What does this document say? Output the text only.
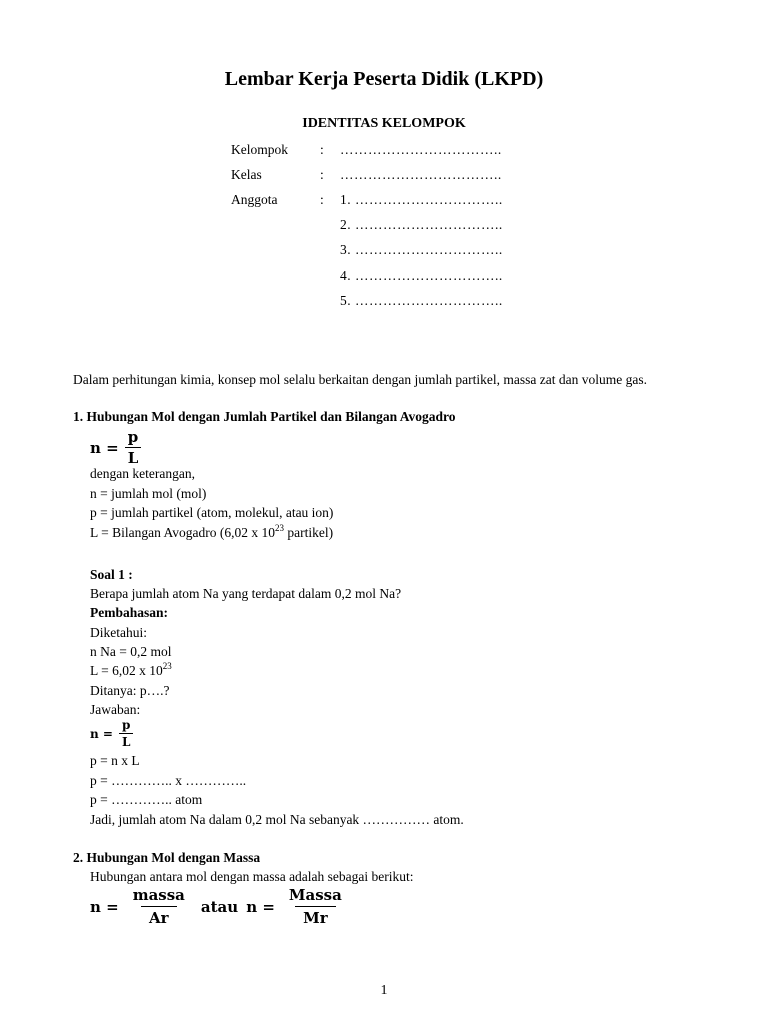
Lembar Kerja Peserta Didik (LKPD)
IDENTITAS KELOMPOK
Kelompok : ……………………………..
Kelas	: ……………………………..
Anggota	: 1. …………………………..
2. …………………………..
3. …………………………..
4. …………………………..
5. …………………………..
Dalam perhitungan kimia, konsep mol selalu berkaitan dengan jumlah partikel, massa zat dan volume gas.
1. Hubungan Mol dengan Jumlah Partikel dan Bilangan Avogadro
$n = \frac{p}{L}$
dengan keterangan,
n = jumlah mol (mol)
p = jumlah partikel (atom, molekul, atau ion)
L = Bilangan Avogadro (6,02 x $10^{23}$ partikel)
Soal 1 :
Berapa jumlah atom Na yang terdapat dalam 0,2 mol Na?
Pembahasan:
Diketahui:
n Na = 0,2 mol
L = 6,02 x $10^{23}$
Ditanya: p….?
Jawaban:
$n = \frac{p}{L}$
p = n x L
p = ………….. x …………..
p = ………….. atom
Jadi, jumlah atom Na dalam 0,2 mol Na sebanyak …………… atom.
2. Hubungan Mol dengan Massa
Hubungan antara mol dengan massa adalah sebagai berikut:
$n = \frac{\text{massa}}{Ar}$ atau $n = \frac{\text{Massa}}{Mr}$
1
